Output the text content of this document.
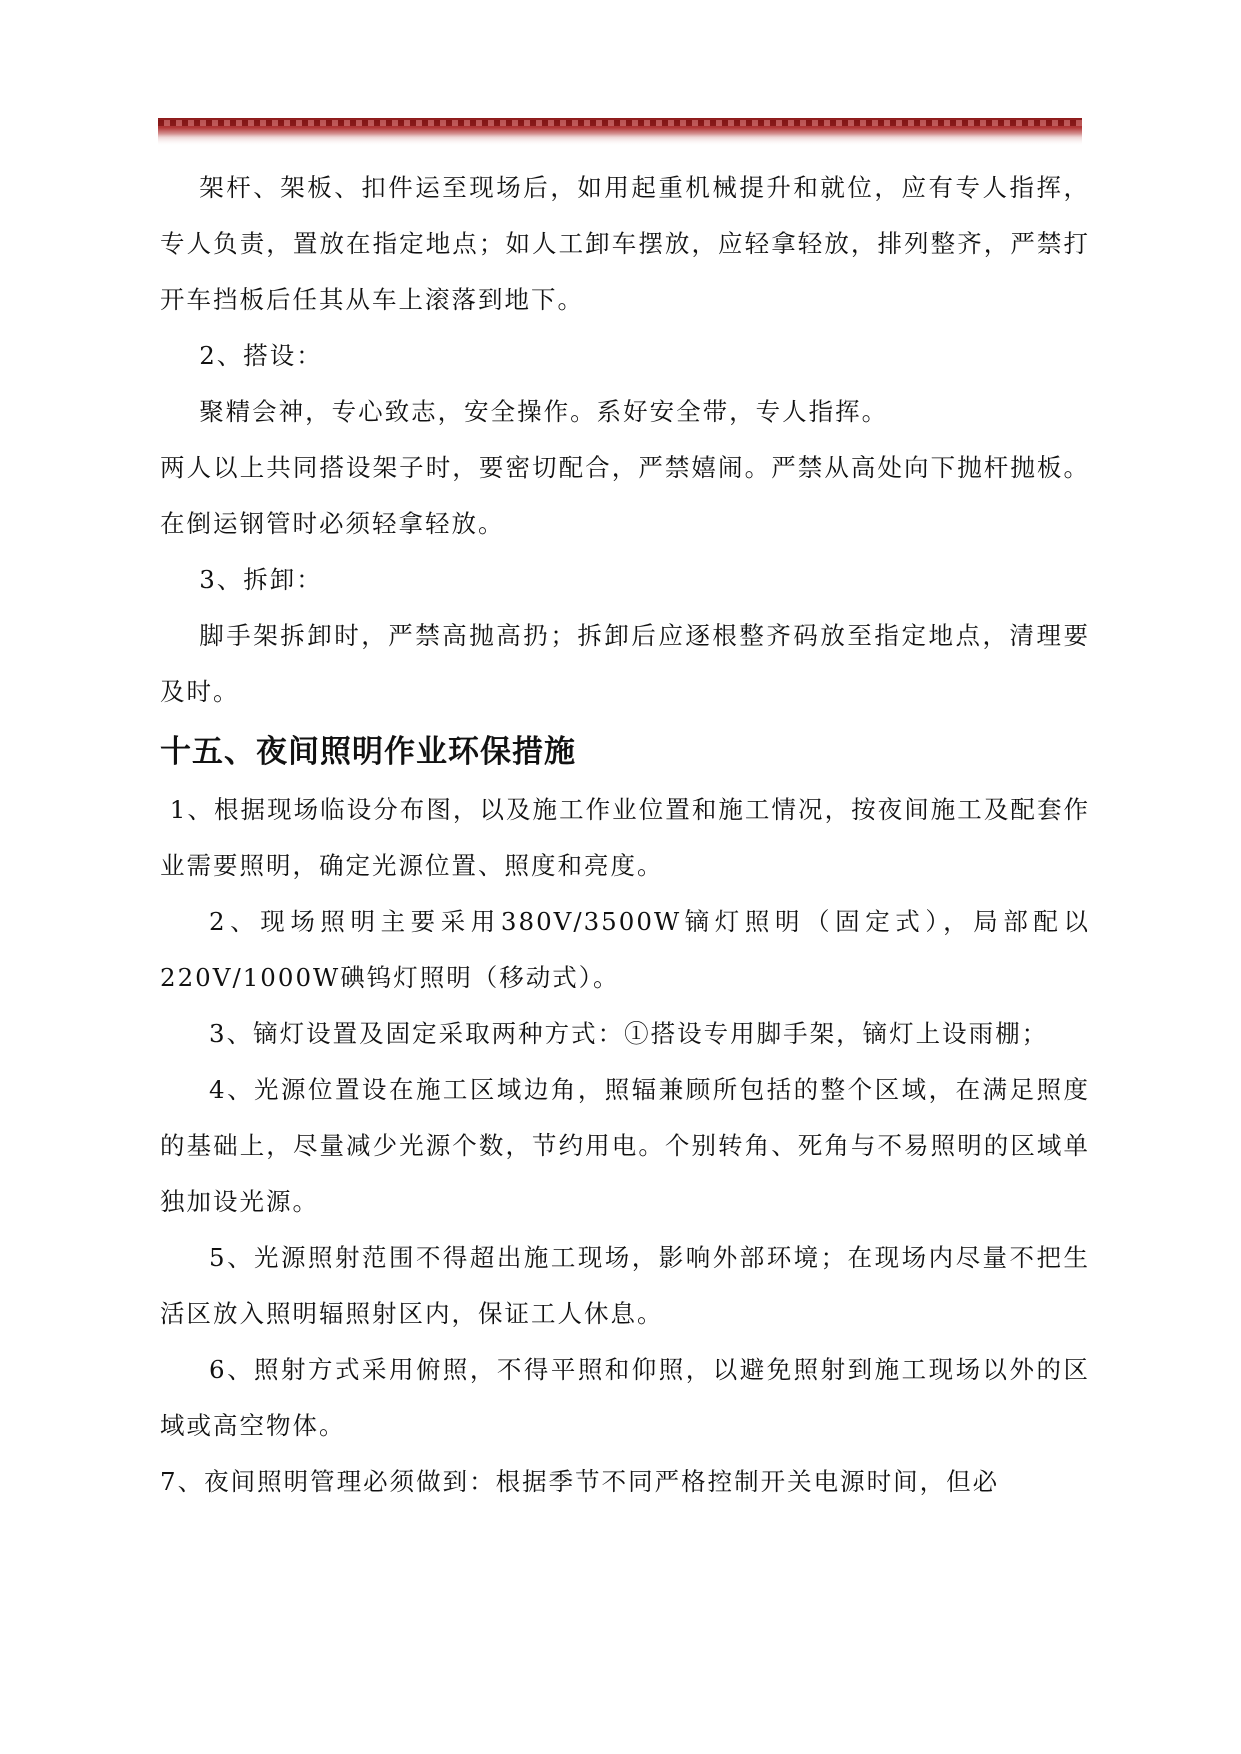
架杆、架板、扣件运至现场后，如用起重机械提升和就位，应有专人指挥，专人负责，置放在指定地点；如人工卸车摆放，应轻拿轻放，排列整齐，严禁打开车挡板后任其从车上滚落到地下。

2、搭设：

聚精会神，专心致志，安全操作。系好安全带，专人指挥。

两人以上共同搭设架子时，要密切配合，严禁嬉闹。严禁从高处向下抛杆抛板。在倒运钢管时必须轻拿轻放。

3、拆卸：

脚手架拆卸时，严禁高抛高扔；拆卸后应逐根整齐码放至指定地点，清理要及时。

十五、夜间照明作业环保措施

1、根据现场临设分布图，以及施工作业位置和施工情况，按夜间施工及配套作业需要照明，确定光源位置、照度和亮度。

2、现场照明主要采用380V/3500W镝灯照明（固定式），局部配以220V/1000W碘钨灯照明（移动式）。

3、镝灯设置及固定采取两种方式：①搭设专用脚手架，镝灯上设雨棚；

4、光源位置设在施工区域边角，照辐兼顾所包括的整个区域，在满足照度的基础上，尽量减少光源个数，节约用电。个别转角、死角与不易照明的区域单独加设光源。

5、光源照射范围不得超出施工现场，影响外部环境；在现场内尽量不把生活区放入照明辐照射区内，保证工人休息。

6、照射方式采用俯照，不得平照和仰照，以避免照射到施工现场以外的区域或高空物体。

7、夜间照明管理必须做到：根据季节不同严格控制开关电源时间，但必
